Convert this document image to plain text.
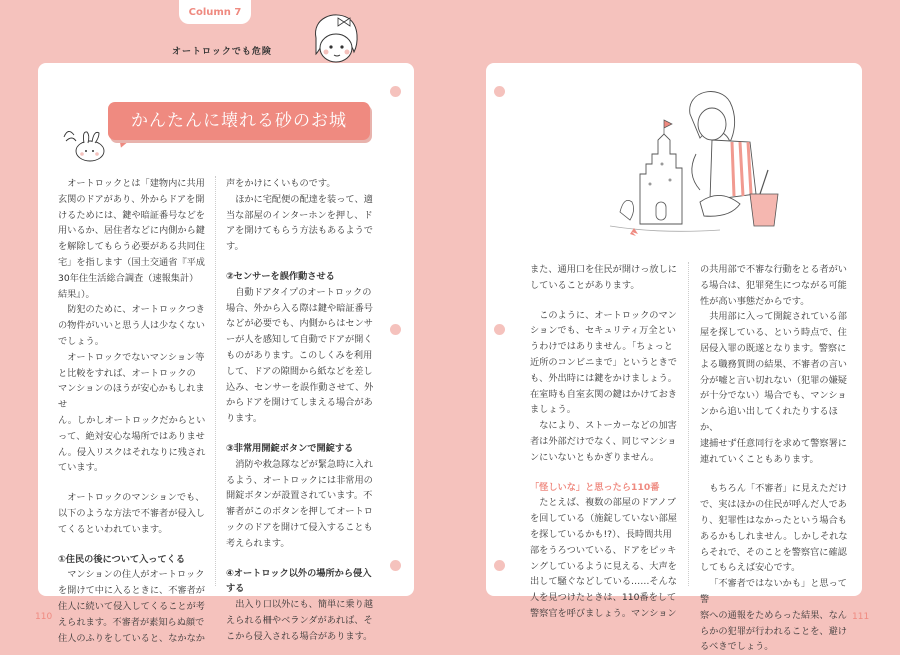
Column 7
オートロックでも危険
かんたんに壊れる砂のお城

オートロックとは「建物内に共用

玄関のドアがあり、外からドアを開

けるためには、鍵や暗証番号などを

用いるか、居住者などに内側から鍵

を解除してもらう必要がある共同住

宅」を指します（国土交通省『平成

30年住生活総合調査（速報集計）

結果』）。

防犯のために、オートロックつき

の物件がいいと思う人は少なくない

でしょう。

オートロックでないマンション等

と比較をすれば、オートロックの

マンションのほうが安心かもしれませ

ん。しかしオートロックだからとい

って、絶対安心な場所ではありませ

ん。侵入リスクはそれなりに残され

ています。

オートロックのマンションでも、

以下のような方法で不審者が侵入し

てくるといわれています。

①住民の後について入ってくる

マンションの住人がオートロック

を開けて中に入るときに、不審者が

住人に続いて侵入してくることが考

えられます。不審者が素知らぬ顔で

住人のふりをしていると、なかなか

声をかけにくいものです。

ほかに宅配便の配達を装って、適

当な部屋のインターホンを押し、ド

アを開けてもらう方法もあるようです。

②センサーを誤作動させる

自動ドアタイプのオートロックの

場合、外から入る際は鍵や暗証番号

などが必要でも、内側からはセンサ

ーが人を感知して自動でドアが開く

ものがあります。このしくみを利用

して、ドアの隙間から紙などを差し

込み、センサーを誤作動させて、外

からドアを開けてしまえる場合があ

ります。

③非常用開錠ボタンで開錠する

消防や救急隊などが緊急時に入れ

るよう、オートロックには非常用の

開錠ボタンが設置されています。不

審者がこのボタンを押してオートロ

ックのドアを開けて侵入することも

考えられます。

④オートロック以外の場所から侵入

する

出入り口以外にも、簡単に乗り越

えられる柵やベランダがあれば、そ

こから侵入される場合があります。

110

また、通用口を住民が開けっ放しに

していることがあります。

このように、オートロックのマン

ションでも、セキュリティ万全とい

うわけではありません。「ちょっと

近所のコンビニまで」というときで

も、外出時には鍵をかけましょう。

在室時も自室玄関の鍵はかけておき

ましょう。

なにより、ストーカーなどの加害

者は外部だけでなく、同じマンショ

ンにいないともかぎりません。

「怪しいな」と思ったら110番

たとえば、複数の部屋のドアノブ

を回している（施錠していない部屋

を探しているかも!?）、長時間共用

部をうろついている、ドアをピッキ

ングしているように見える、大声を

出して騒ぐなどしている……そんな

人を見つけたときは、110番をして

警察官を呼びましょう。マンション

の共用部で不審な行動をとる者がい

る場合は、犯罪発生につながる可能

性が高い事態だからです。

共用部に入って開錠されている部

屋を探している、という時点で、住

居侵入罪の既遂となります。警察に

よる職務質問の結果、不審者の言い

分が嘘と言い切れない（犯罪の嫌疑

が十分でない）場合でも、マンショ

ンから追い出してくれたりするほか、

逮捕せず任意同行を求めて警察署に

連れていくこともあります。

もちろん「不審者」に見えただけ

で、実はほかの住民が呼んだ人であ

り、犯罪性はなかったという場合も

あるかもしれません。しかしそれな

らそれで、そのことを警察官に確認

してもらえば安心です。

「不審者ではないかも」と思って警

察への通報をためらった結果、なん

らかの犯罪が行われることを、避け

るべきでしょう。

111
